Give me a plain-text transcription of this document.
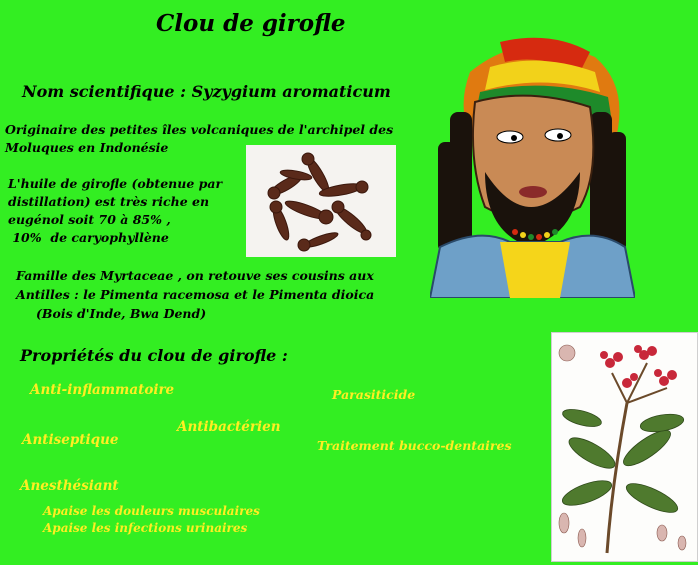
Clou de girofle
Nom scientifique : Syzygium aromaticum
Originaire des petites îles volcaniques de l'archipel des Moluques en Indonésie
L'huile de girofle (obtenue par
distillation) est très riche en
eugénol soit 70 à 85% ,
10%  de caryophyllène
Famille des Myrtaceae , on retouve ses cousins aux
Antilles : le Pimenta racemosa et le Pimenta dioica
(Bois d'Inde, Bwa Dend)
Propriétés du clou de girofle :
Anti-inflammatoire	Parasiticide
Antibactérien
Antiseptique	Traitement bucco-dentaires
Anesthésiant
Apaise les douleurs musculaires
Apaise les infections urinaires
